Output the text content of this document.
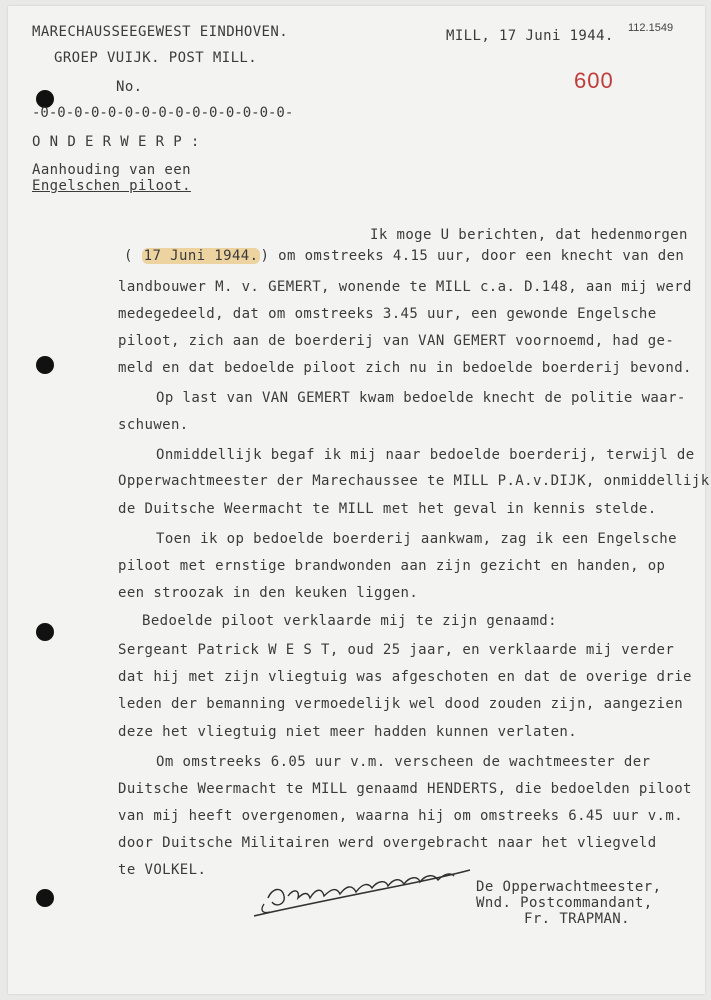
MARECHAUSSEEGEWEST EINDHOVEN.
GROEP VUIJK. POST MILL.
MILL, 17 Juni 1944. 112.1549
600
No.
-0-0-0-0-0-0-0-0-0-0-0-0-0-0-0-
O N D E R W E R P :
Aanhouding van een
Engelschen piloot.
Ik moge U berichten, dat hedenmorgen
( 17 Juni 1944. ) om omstreeks 4.15 uur, door een knecht van den
landbouwer M. v. GEMERT, wonende te MILL c.a. D.148, aan mij werd
medegedeeld, dat om omstreeks 3.45 uur, een gewonde Engelsche
piloot, zich aan de boerderij van VAN GEMERT voornoemd, had ge-
meld en dat bedoelde piloot zich nu in bedoelde boerderij bevond.
Op last van VAN GEMERT kwam bedoelde knecht de politie waar-
schuwen.
Onmiddellijk begaf ik mij naar bedoelde boerderij, terwijl de
Opperwachtmeester der Marechaussee te MILL P.A.v.DIJK, onmiddellijk
de Duitsche Weermacht te MILL met het geval in kennis stelde.
Toen ik op bedoelde boerderij aankwam, zag ik een Engelsche
piloot met ernstige brandwonden aan zijn gezicht en handen, op
een stroozak in den keuken liggen.
Bedoelde piloot verklaarde mij te zijn genaamd:
Sergeant Patrick W E S T, oud 25 jaar, en verklaarde mij verder
dat hij met zijn vliegtuig was afgeschoten en dat de overige drie
leden der bemanning vermoedelijk wel dood zouden zijn, aangezien
deze het vliegtuig niet meer hadden kunnen verlaten.
Om omstreeks 6.05 uur v.m. verscheen de wachtmeester der
Duitsche Weermacht te MILL genaamd HENDERTS, die bedoelden piloot
van mij heeft overgenomen, waarna hij om omstreeks 6.45 uur v.m.
door Duitsche Militairen werd overgebracht naar het vliegveld
te VOLKEL.
De Opperwachtmeester,
Wnd. Postcommandant,
Fr. TRAPMAN.
